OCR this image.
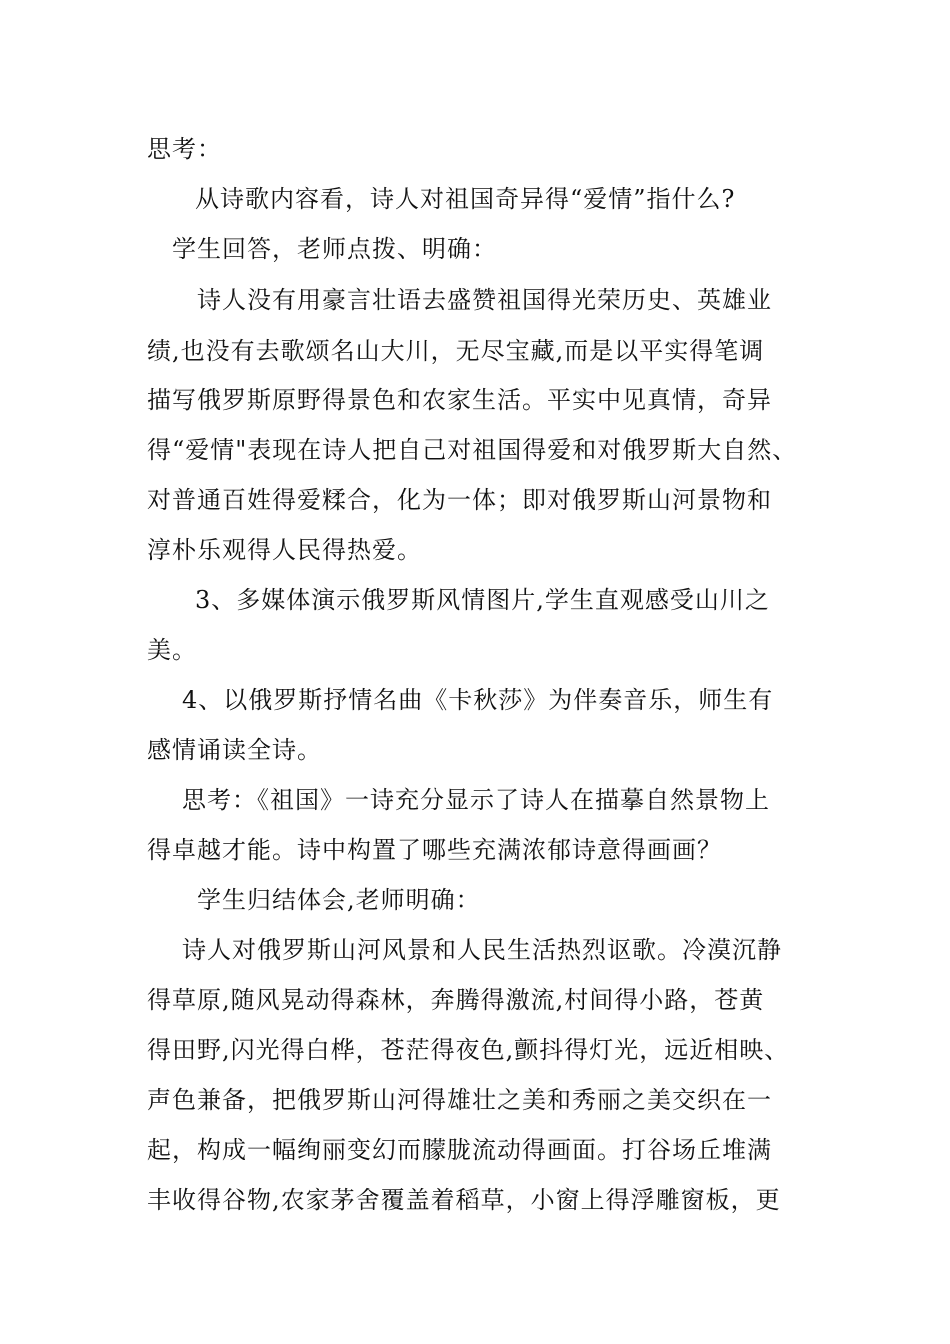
思考：
从诗歌内容看，诗人对祖国奇异得“爱情”指什么?
学生回答，老师点拨、明确：
诗人没有用豪言壮语去盛赞祖国得光荣历史、英雄业
绩,也没有去歌颂名山大川，无尽宝藏,而是以平实得笔调
描写俄罗斯原野得景色和农家生活。平实中见真情，奇异
得“爱情"表现在诗人把自己对祖国得爱和对俄罗斯大自然、
对普通百姓得爱糅合，化为一体；即对俄罗斯山河景物和
淳朴乐观得人民得热爱。
3、多媒体演示俄罗斯风情图片,学生直观感受山川之
美。
4、以俄罗斯抒情名曲《卡秋莎》为伴奏音乐，师生有
感情诵读全诗。
思考：《祖国》一诗充分显示了诗人在描摹自然景物上
得卓越才能。诗中构置了哪些充满浓郁诗意得画画？
学生归结体会,老师明确：
诗人对俄罗斯山河风景和人民生活热烈讴歌。冷漠沉静
得草原,随风晃动得森林，奔腾得激流,村间得小路，苍黄
得田野,闪光得白桦，苍茫得夜色,颤抖得灯光，远近相映、
声色兼备，把俄罗斯山河得雄壮之美和秀丽之美交织在一
起，构成一幅绚丽变幻而朦胧流动得画面。打谷场丘堆满
丰收得谷物,农家茅舍覆盖着稻草，小窗上得浮雕窗板，更
